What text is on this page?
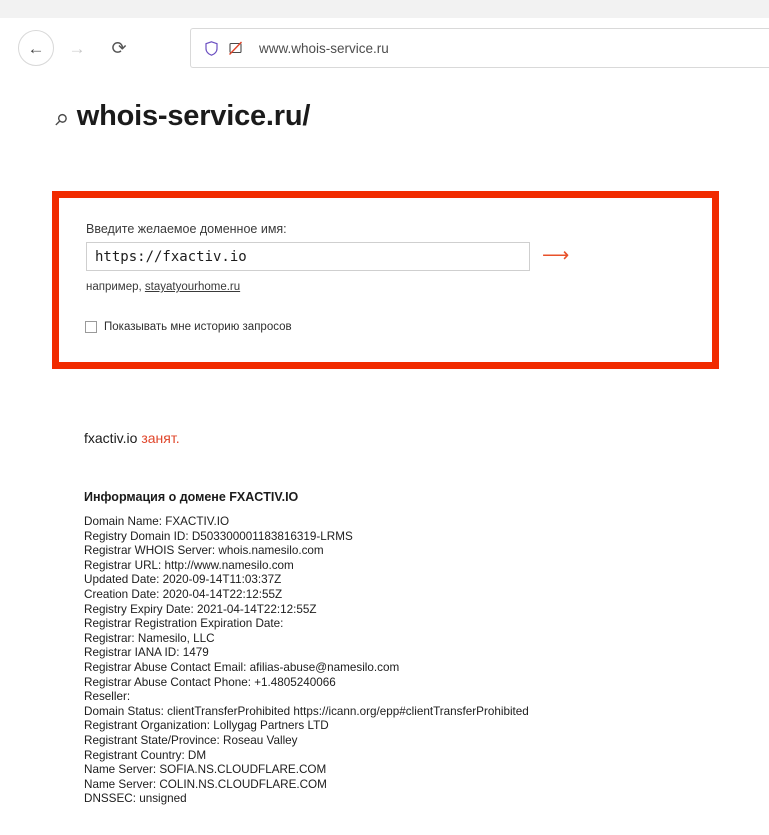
← → ⟳	www.whois-service.ru
⚲ whois-service.ru/
Введите желаемое доменное имя:
https://fxactiv.io
⟶
например, stayatyourhome.ru
Показывать мне историю запросов
fxactiv.io занят.
Информация о домене FXACTIV.IO
Domain Name: FXACTIV.IO
Registry Domain ID: D503300001183816319-LRMS
Registrar WHOIS Server: whois.namesilo.com
Registrar URL: http://www.namesilo.com
Updated Date: 2020-09-14T11:03:37Z
Creation Date: 2020-04-14T22:12:55Z
Registry Expiry Date: 2021-04-14T22:12:55Z
Registrar Registration Expiration Date:
Registrar: Namesilo, LLC
Registrar IANA ID: 1479
Registrar Abuse Contact Email: afilias-abuse@namesilo.com
Registrar Abuse Contact Phone: +1.4805240066
Reseller:
Domain Status: clientTransferProhibited https://icann.org/epp#clientTransferProhibited
Registrant Organization: Lollygag Partners LTD
Registrant State/Province: Roseau Valley
Registrant Country: DM
Name Server: SOFIA.NS.CLOUDFLARE.COM
Name Server: COLIN.NS.CLOUDFLARE.COM
DNSSEC: unsigned
